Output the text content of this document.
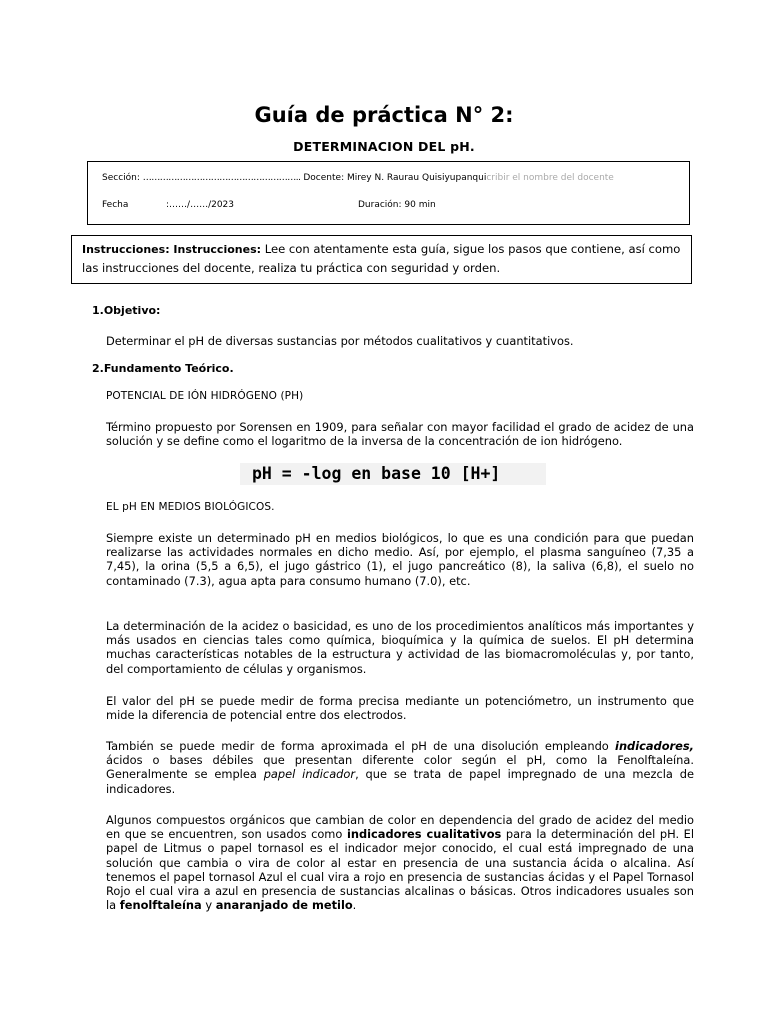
Guía de práctica N° 2:
DETERMINACION DEL pH.
Sección: ……………………………………………….. Docente: Mirey N. Raurau Quisiyupanquicribir el nombre del docente
Fecha	:……/……/2023	Duración: 90 min
Instrucciones: Instrucciones: Lee con atentamente esta guía, sigue los pasos que contiene, así como las instrucciones del docente, realiza tu práctica con seguridad y orden.
1.Objetivo:
Determinar el pH de diversas sustancias por métodos cualitativos y cuantitativos.
2.Fundamento Teórico.
POTENCIAL DE IÓN HIDRÓGENO (PH)
Término propuesto por Sorensen en 1909, para señalar con mayor facilidad el grado de acidez de una solución y se define como el logaritmo de la inversa de la concentración de ion hidrógeno.
pH = -log en base 10 [H+]
EL pH EN MEDIOS BIOLÓGICOS.
Siempre existe un determinado pH en medios biológicos, lo que es una condición para que puedan realizarse las actividades normales en dicho medio. Así, por ejemplo, el plasma sanguíneo (7,35 a 7,45), la orina (5,5 a 6,5), el jugo gástrico (1), el jugo pancreático (8), la saliva (6,8), el suelo no contaminado (7.3), agua apta para consumo humano (7.0), etc.
La determinación de la acidez o basicidad, es uno de los procedimientos analíticos más importantes y más usados en ciencias tales como química, bioquímica y la química de suelos. El pH determina muchas características notables de la estructura y actividad de las biomacromoléculas y, por tanto, del comportamiento de células y organismos.
El valor del pH se puede medir de forma precisa mediante un potenciómetro, un instrumento que mide la diferencia de potencial entre dos electrodos.
También se puede medir de forma aproximada el pH de una disolución empleando indicadores, ácidos o bases débiles que presentan diferente color según el pH, como la Fenolftaleína. Generalmente se emplea papel indicador, que se trata de papel impregnado de una mezcla de indicadores.
Algunos compuestos orgánicos que cambian de color en dependencia del grado de acidez del medio en que se encuentren, son usados como indicadores cualitativos para la determinación del pH. El papel de Litmus o papel tornasol es el indicador mejor conocido, el cual está impregnado de una solución que cambia o vira de color al estar en presencia de una sustancia ácida o alcalina. Así tenemos el papel tornasol Azul el cual vira a rojo en presencia de sustancias ácidas y el Papel Tornasol Rojo el cual vira a azul en presencia de sustancias alcalinas o básicas. Otros indicadores usuales son la fenolftaleína y anaranjado de metilo.
